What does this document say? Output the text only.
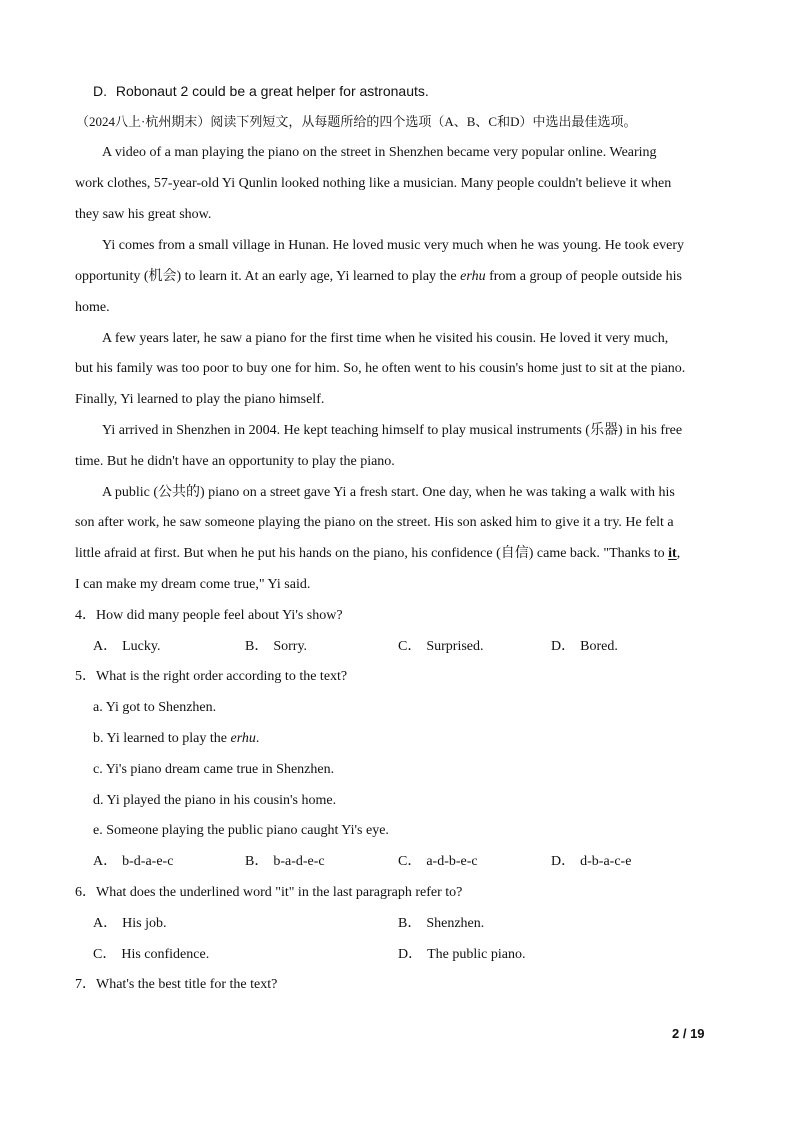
D. Robonaut 2 could be a great helper for astronauts.
（2024八上·杭州期末）阅读下列短文，从每题所给的四个选项（A、B、C和D）中选出最佳选项。
A video of a man playing the piano on the street in Shenzhen became very popular online. Wearing
work clothes, 57-year-old Yi Qunlin looked nothing like a musician. Many people couldn't believe it when
they saw his great show.
Yi comes from a small village in Hunan. He loved music very much when he was young. He took every
opportunity (机会) to learn it. At an early age, Yi learned to play the erhu from a group of people outside his
home.
A few years later, he saw a piano for the first time when he visited his cousin. He loved it very much,
but his family was too poor to buy one for him. So, he often went to his cousin's home just to sit at the piano.
Finally, Yi learned to play the piano himself.
Yi arrived in Shenzhen in 2004. He kept teaching himself to play musical instruments (乐器) in his free
time. But he didn't have an opportunity to play the piano.
A public (公共的) piano on a street gave Yi a fresh start. One day, when he was taking a walk with his
son after work, he saw someone playing the piano on the street. His son asked him to give it a try. He felt a
little afraid at first. But when he put his hands on the piano, his confidence (自信) came back. "Thanks to it,
I can make my dream come true," Yi said.
4．How did many people feel about Yi's show?
A． Lucky.	B． Sorry.	C． Surprised.	D． Bored.
5．What is the right order according to the text?
a. Yi got to Shenzhen.
b. Yi learned to play the erhu.
c. Yi's piano dream came true in Shenzhen.
d. Yi played the piano in his cousin's home.
e. Someone playing the public piano caught Yi's eye.
A． b-d-a-e-c	B． b-a-d-e-c	C． a-d-b-e-c	D． d-b-a-c-e
6．What does the underlined word "it" in the last paragraph refer to?
A． His job.	B． Shenzhen.
C． His confidence.	D． The public piano.
7．What's the best title for the text?
2 / 19
